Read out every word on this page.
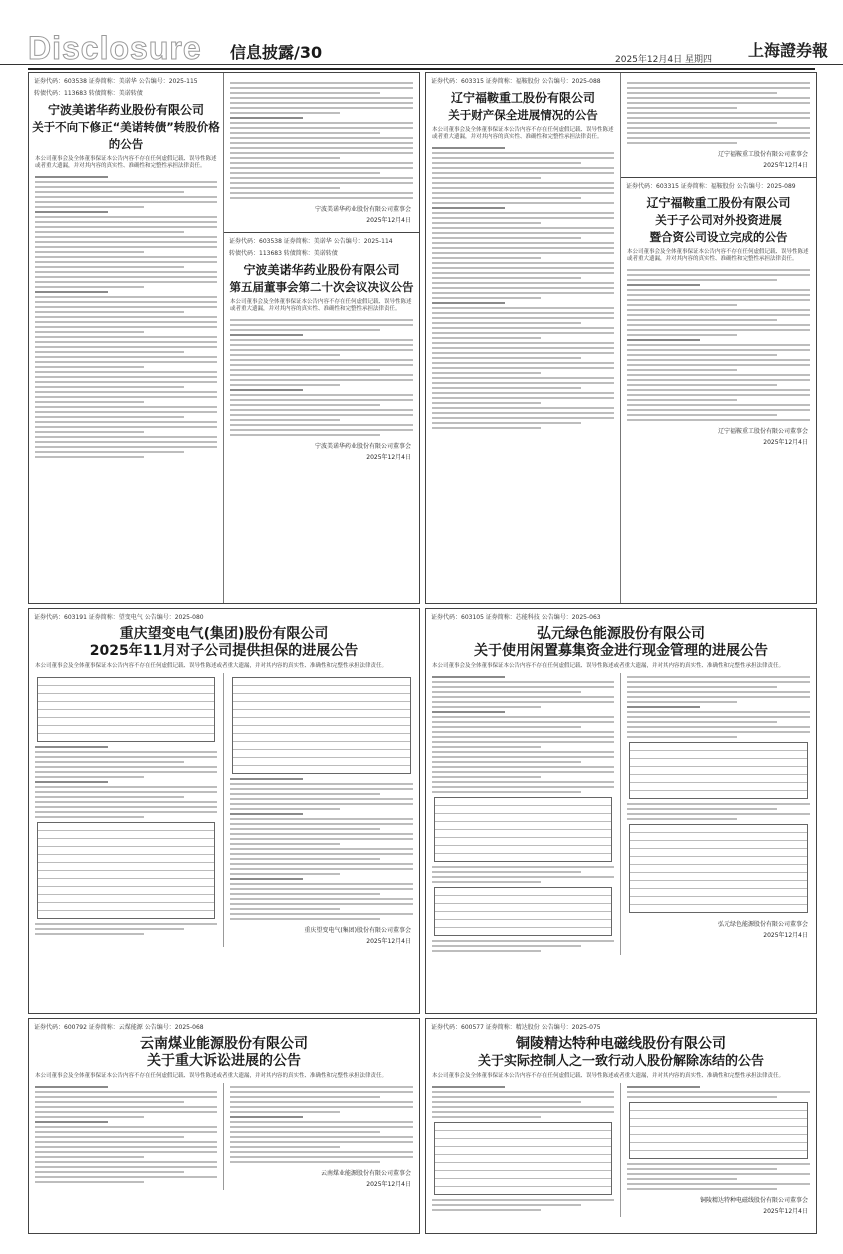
Disclosure 信息披露/30	2025年12月4日 星期四 上海證券報
证券代码：603538 证券简称：美诺华 公告编号：2025-115
转债代码：113683 转债简称：美诺转债
宁波美诺华药业股份有限公司
关于不向下修正“美诺转债”转股价格的公告
本公司董事会及全体董事保证本公告内容不存在任何虚假记载、误导性陈述或者重大遗漏，并对其内容的真实性、准确性和完整性承担法律责任。
宁波美诺华药业股份有限公司董事会
2025年12月4日
证券代码：603538 证券简称：美诺华 公告编号：2025-114
转债代码：113683 转债简称：美诺转债
宁波美诺华药业股份有限公司
第五届董事会第二十次会议决议公告
本公司董事会及全体董事保证本公告内容不存在任何虚假记载、误导性陈述或者重大遗漏，并对其内容的真实性、准确性和完整性承担法律责任。
宁波美诺华药业股份有限公司董事会
2025年12月4日
证券代码：603315 证券简称：福鞍股份 公告编号：2025-088
辽宁福鞍重工股份有限公司
关于财产保全进展情况的公告
本公司董事会及全体董事保证本公告内容不存在任何虚假记载、误导性陈述或者重大遗漏，并对其内容的真实性、准确性和完整性承担法律责任。
辽宁福鞍重工股份有限公司董事会
2025年12月4日
证券代码：603315 证券简称：福鞍股份 公告编号：2025-089
辽宁福鞍重工股份有限公司
关于子公司对外投资进展
暨合资公司设立完成的公告
本公司董事会及全体董事保证本公告内容不存在任何虚假记载、误导性陈述或者重大遗漏，并对其内容的真实性、准确性和完整性承担法律责任。
辽宁福鞍重工股份有限公司董事会
2025年12月4日
证券代码：603191 证券简称：望变电气 公告编号：2025-080
重庆望变电气(集团)股份有限公司
2025年11月对子公司提供担保的进展公告
本公司董事会及全体董事保证本公告内容不存在任何虚假记载、误导性陈述或者重大遗漏，并对其内容的真实性、准确性和完整性承担法律责任。
重庆望变电气(集团)股份有限公司董事会
2025年12月4日
证券代码：603105 证券简称：芯能科技 公告编号：2025-063
弘元绿色能源股份有限公司
关于使用闲置募集资金进行现金管理的进展公告
本公司董事会及全体董事保证本公告内容不存在任何虚假记载、误导性陈述或者重大遗漏，并对其内容的真实性、准确性和完整性承担法律责任。
弘元绿色能源股份有限公司董事会
2025年12月4日
证券代码：600792 证券简称：云煤能源 公告编号：2025-068
云南煤业能源股份有限公司
关于重大诉讼进展的公告
本公司董事会及全体董事保证本公告内容不存在任何虚假记载、误导性陈述或者重大遗漏，并对其内容的真实性、准确性和完整性承担法律责任。
云南煤业能源股份有限公司董事会
2025年12月4日
证券代码：600577 证券简称：精达股份 公告编号：2025-075
铜陵精达特种电磁线股份有限公司
关于实际控制人之一致行动人股份解除冻结的公告
本公司董事会及全体董事保证本公告内容不存在任何虚假记载、误导性陈述或者重大遗漏，并对其内容的真实性、准确性和完整性承担法律责任。
铜陵精达特种电磁线股份有限公司董事会
2025年12月4日
